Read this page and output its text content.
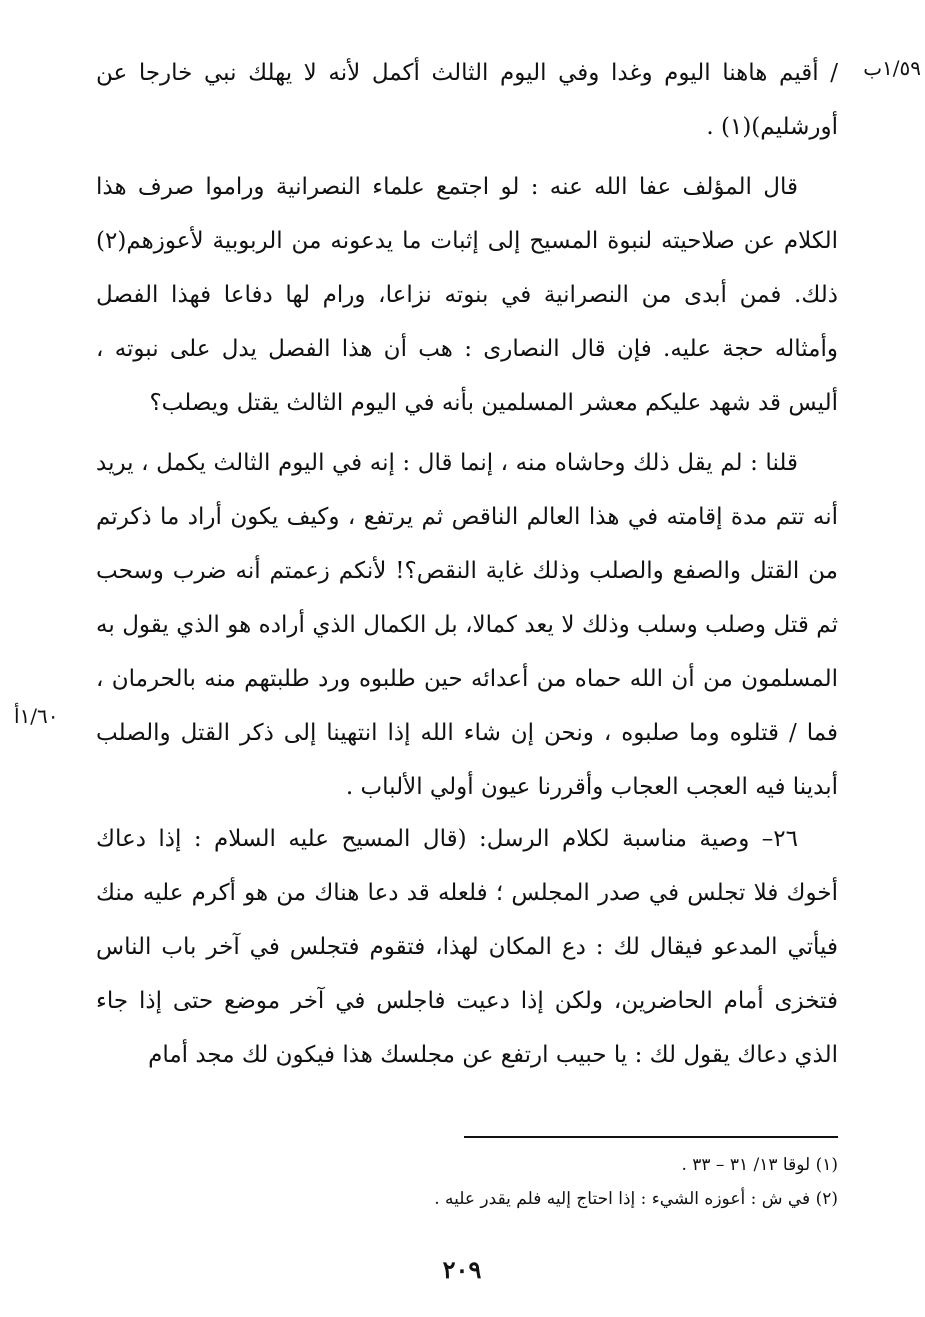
١/٥٩ب
١/٦٠أ

/ أقيم هاهنا اليوم وغدا وفي اليوم الثالث أكمل لأنه لا يهلك نبي خارجا عن أورشليم)(١) .

قال المؤلف عفا الله عنه : لو اجتمع علماء النصرانية وراموا صرف هذا الكلام عن صلاحيته لنبوة المسيح إلى إثبات ما يدعونه من الربوبية لأعوزهم(٢) ذلك. فمن أبدى من النصرانية في بنوته نزاعا، ورام لها دفاعا فهذا الفصل وأمثاله حجة عليه. فإن قال النصارى : هب أن هذا الفصل يدل على نبوته ، أليس قد شهد عليكم معشر المسلمين بأنه في اليوم الثالث يقتل ويصلب؟

قلنا : لم يقل ذلك وحاشاه منه ، إنما قال : إنه في اليوم الثالث يكمل ، يريد أنه تتم مدة إقامته في هذا العالم الناقص ثم يرتفع ، وكيف يكون أراد ما ذكرتم من القتل والصفع والصلب وذلك غاية النقص؟! لأنكم زعمتم أنه ضرب وسحب ثم قتل وصلب وسلب وذلك لا يعد كمالا، بل الكمال الذي أراده هو الذي يقول به المسلمون من أن الله حماه من أعدائه حين طلبوه ورد طلبتهم منه بالحرمان ، فما / قتلوه وما صلبوه ، ونحن إن شاء الله إذا انتهينا إلى ذكر القتل والصلب أبدينا فيه العجب العجاب وأقررنا عيون أولي الألباب .

٢٦– وصية مناسبة لكلام الرسل: (قال المسيح عليه السلام : إذا دعاك أخوك فلا تجلس في صدر المجلس ؛ فلعله قد دعا هناك من هو أكرم عليه منك فيأتي المدعو فيقال لك : دع المكان لهذا، فتقوم فتجلس في آخر باب الناس فتخزى أمام الحاضرين، ولكن إذا دعيت فاجلس في آخر موضع حتى إذا جاء الذي دعاك يقول لك : يا حبيب ارتفع عن مجلسك هذا فيكون لك مجد أمام

(١) لوقا ١٣/ ٣١ – ٣٣ .

(٢) في ش : أعوزه الشيء : إذا احتاج إليه فلم يقدر عليه .

٢٠٩
